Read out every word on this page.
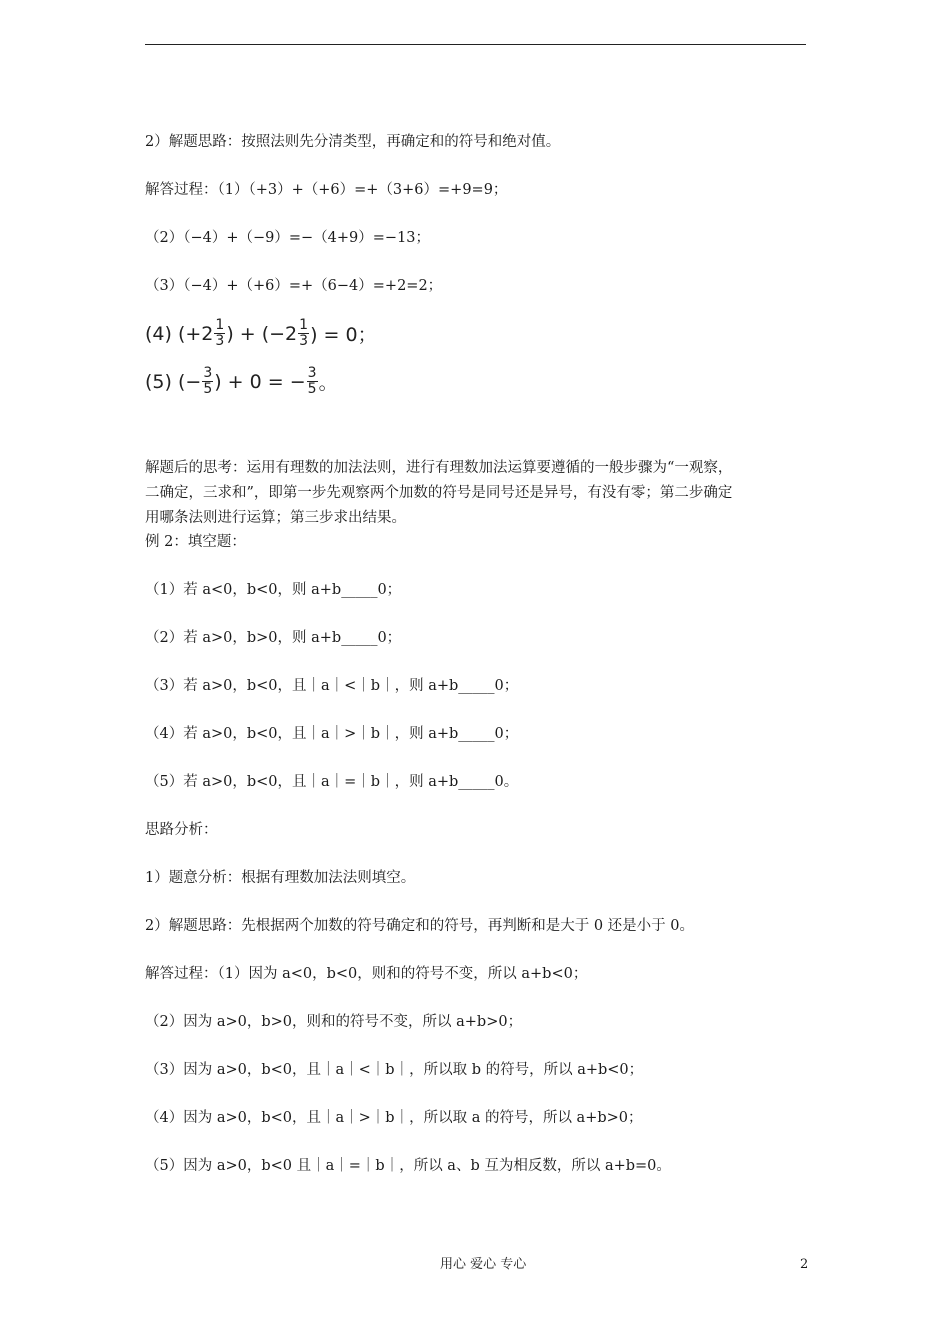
2）解题思路：按照法则先分清类型，再确定和的符号和绝对值。
解答过程：（1）（+3）+（+6）=+（3+6）=+9=9；
（2）（−4）+（−9）=−（4+9）=−13；
（3）（−4）+（+6）=+（6−4）=+2=2；
(4)
($+2 \frac{1}{3}$ ) + ($-2 \frac{1}{3}$ ) = 0；
(5)
(− $\frac{3}{5}$ ) + 0 = − $\frac{3}{5}$ 。
解题后的思考：运用有理数的加法法则，进行有理数加法运算要遵循的一般步骤为“一观察，
二确定，三求和”，即第一步先观察两个加数的符号是同号还是异号，有没有零；第二步确定
用哪条法则进行运算；第三步求出结果。
例 2：填空题：
（1）若 a<0，b<0，则 a+b_____0；
（2）若 a>0，b>0，则 a+b_____0；
（3）若 a>0，b<0，且｜a｜<｜b｜，则 a+b_____0；
（4）若 a>0，b<0，且｜a｜>｜b｜，则 a+b_____0；
（5）若 a>0，b<0，且｜a｜=｜b｜，则 a+b_____0。
思路分析：
1）题意分析：根据有理数加法法则填空。
2）解题思路：先根据两个加数的符号确定和的符号，再判断和是大于 0 还是小于 0。
解答过程：（1）因为 a<0，b<0，则和的符号不变，所以 a+b<0；
（2）因为 a>0，b>0，则和的符号不变，所以 a+b>0；
（3）因为 a>0，b<0，且｜a｜<｜b｜，所以取 b 的符号，所以 a+b<0；
（4）因为 a>0，b<0，且｜a｜>｜b｜，所以取 a 的符号，所以 a+b>0；
（5）因为 a>0，b<0 且｜a｜=｜b｜，所以 a、b 互为相反数，所以 a+b=0。
用心 爱心 专心	2
